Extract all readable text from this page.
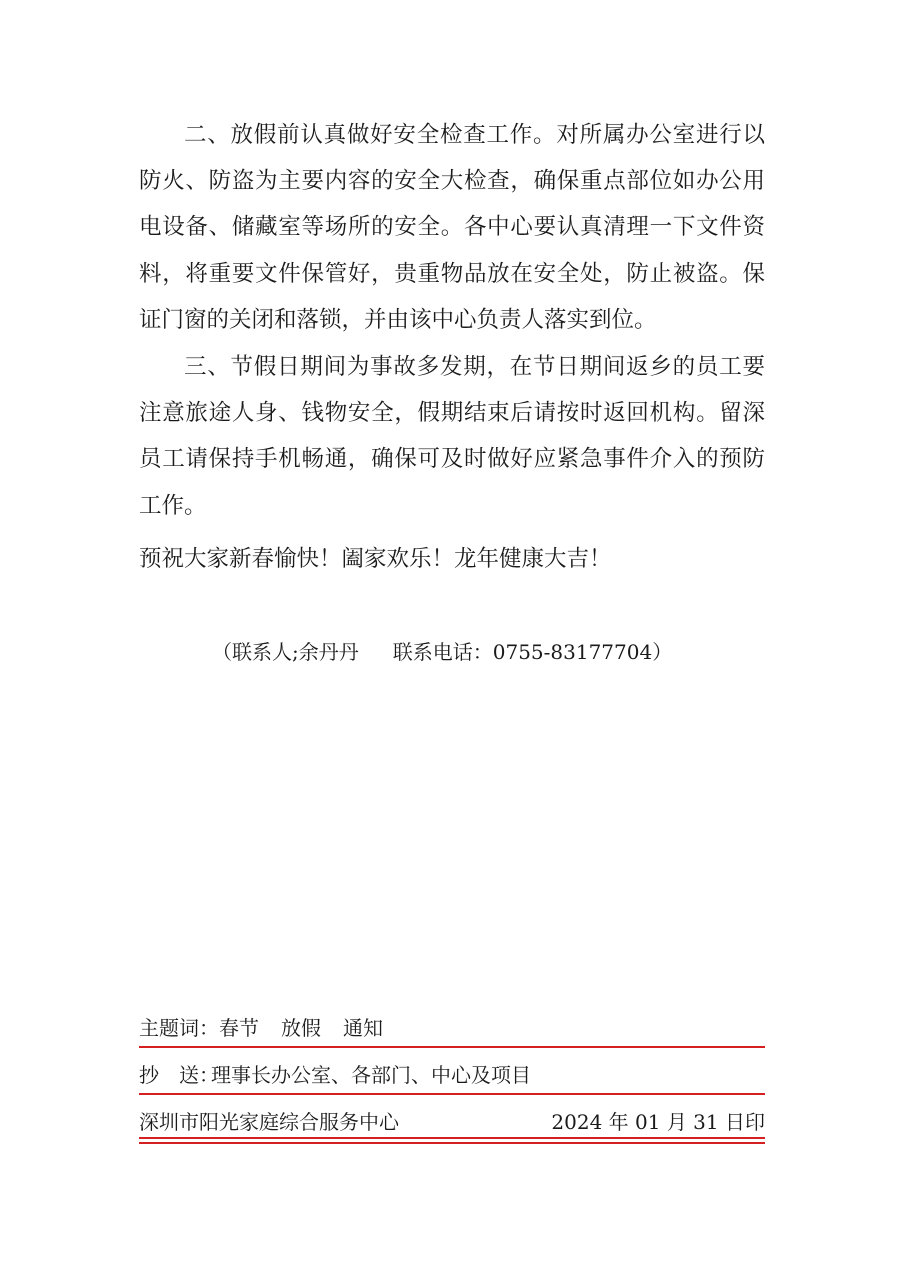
二、放假前认真做好安全检查工作。对所属办公室进行以防火、防盗为主要内容的安全大检查，确保重点部位如办公用电设备、储藏室等场所的安全。各中心要认真清理一下文件资料，将重要文件保管好，贵重物品放在安全处，防止被盗。保证门窗的关闭和落锁，并由该中心负责人落实到位。

三、节假日期间为事故多发期，在节日期间返乡的员工要注意旅途人身、钱物安全，假期结束后请按时返回机构。留深员工请保持手机畅通，确保可及时做好应紧急事件介入的预防工作。

预祝大家新春愉快！阖家欢乐！龙年健康大吉！
（联系人;余丹丹 联系电话：0755-83177704）
主题词：春节 放假 通知
抄　送：理事长办公室、各部门、中心及项目
深圳市阳光家庭综合服务中心	2024 年 01 月 31 日印
